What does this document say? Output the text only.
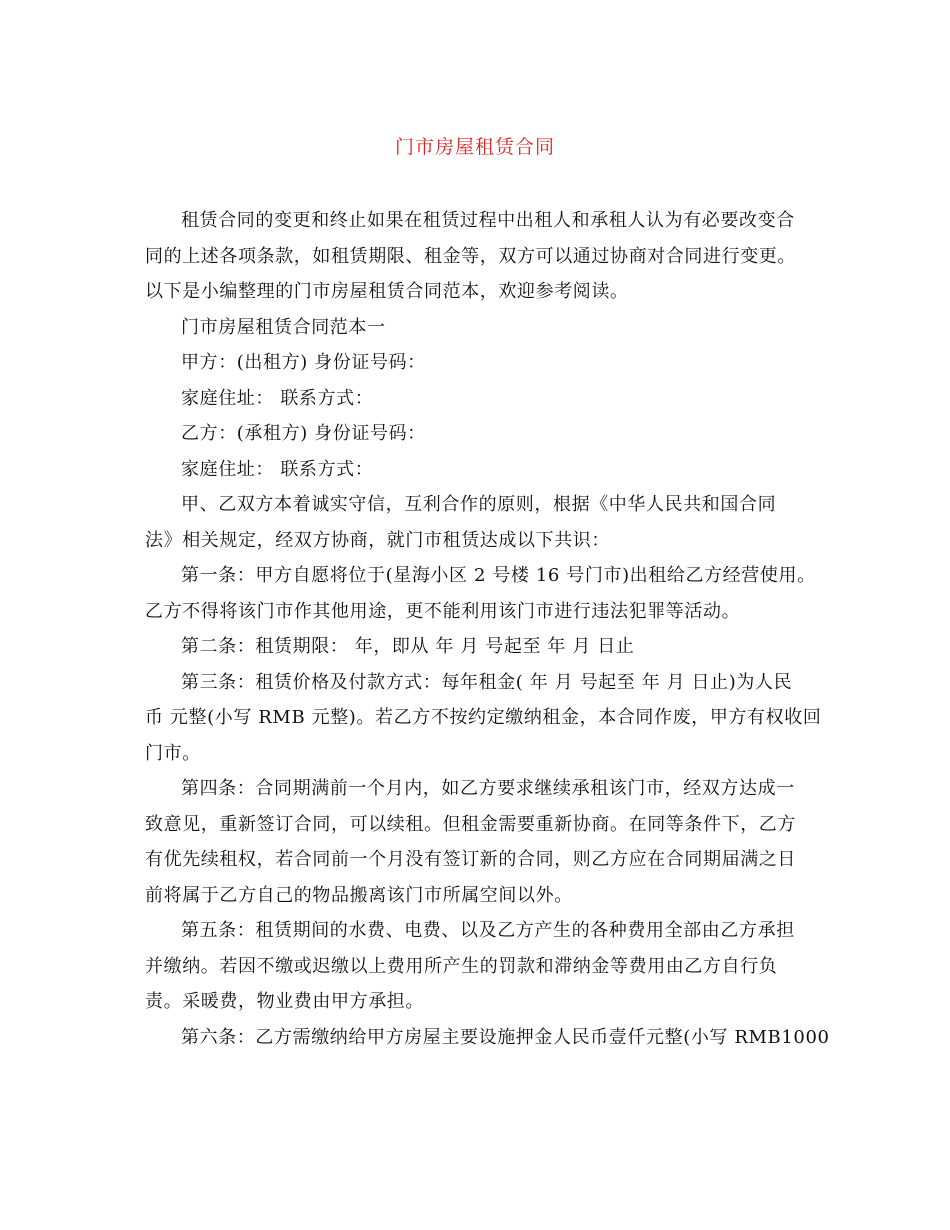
门市房屋租赁合同
租赁合同的变更和终止如果在租赁过程中出租人和承租人认为有必要改变合
同的上述各项条款，如租赁期限、租金等，双方可以通过协商对合同进行变更。
以下是小编整理的门市房屋租赁合同范本，欢迎参考阅读。
门市房屋租赁合同范本一
甲方：(出租方) 身份证号码：
家庭住址： 联系方式：
乙方：(承租方) 身份证号码：
家庭住址： 联系方式：
甲、乙双方本着诚实守信，互利合作的原则，根据《中华人民共和国合同
法》相关规定，经双方协商，就门市租赁达成以下共识：
第一条：甲方自愿将位于(星海小区 2 号楼 16 号门市)出租给乙方经营使用。
乙方不得将该门市作其他用途，更不能利用该门市进行违法犯罪等活动。
第二条：租赁期限： 年，即从 年 月 号起至 年 月 日止
第三条：租赁价格及付款方式：每年租金( 年 月 号起至 年 月 日止)为人民
币 元整(小写 RMB 元整)。若乙方不按约定缴纳租金，本合同作废，甲方有权收回
门市。
第四条：合同期满前一个月内，如乙方要求继续承租该门市，经双方达成一
致意见，重新签订合同，可以续租。但租金需要重新协商。在同等条件下，乙方
有优先续租权，若合同前一个月没有签订新的合同，则乙方应在合同期届满之日
前将属于乙方自己的物品搬离该门市所属空间以外。
第五条：租赁期间的水费、电费、以及乙方产生的各种费用全部由乙方承担
并缴纳。若因不缴或迟缴以上费用所产生的罚款和滞纳金等费用由乙方自行负
责。采暖费，物业费由甲方承担。
第六条：乙方需缴纳给甲方房屋主要设施押金人民币壹仟元整(小写 RMB1000
